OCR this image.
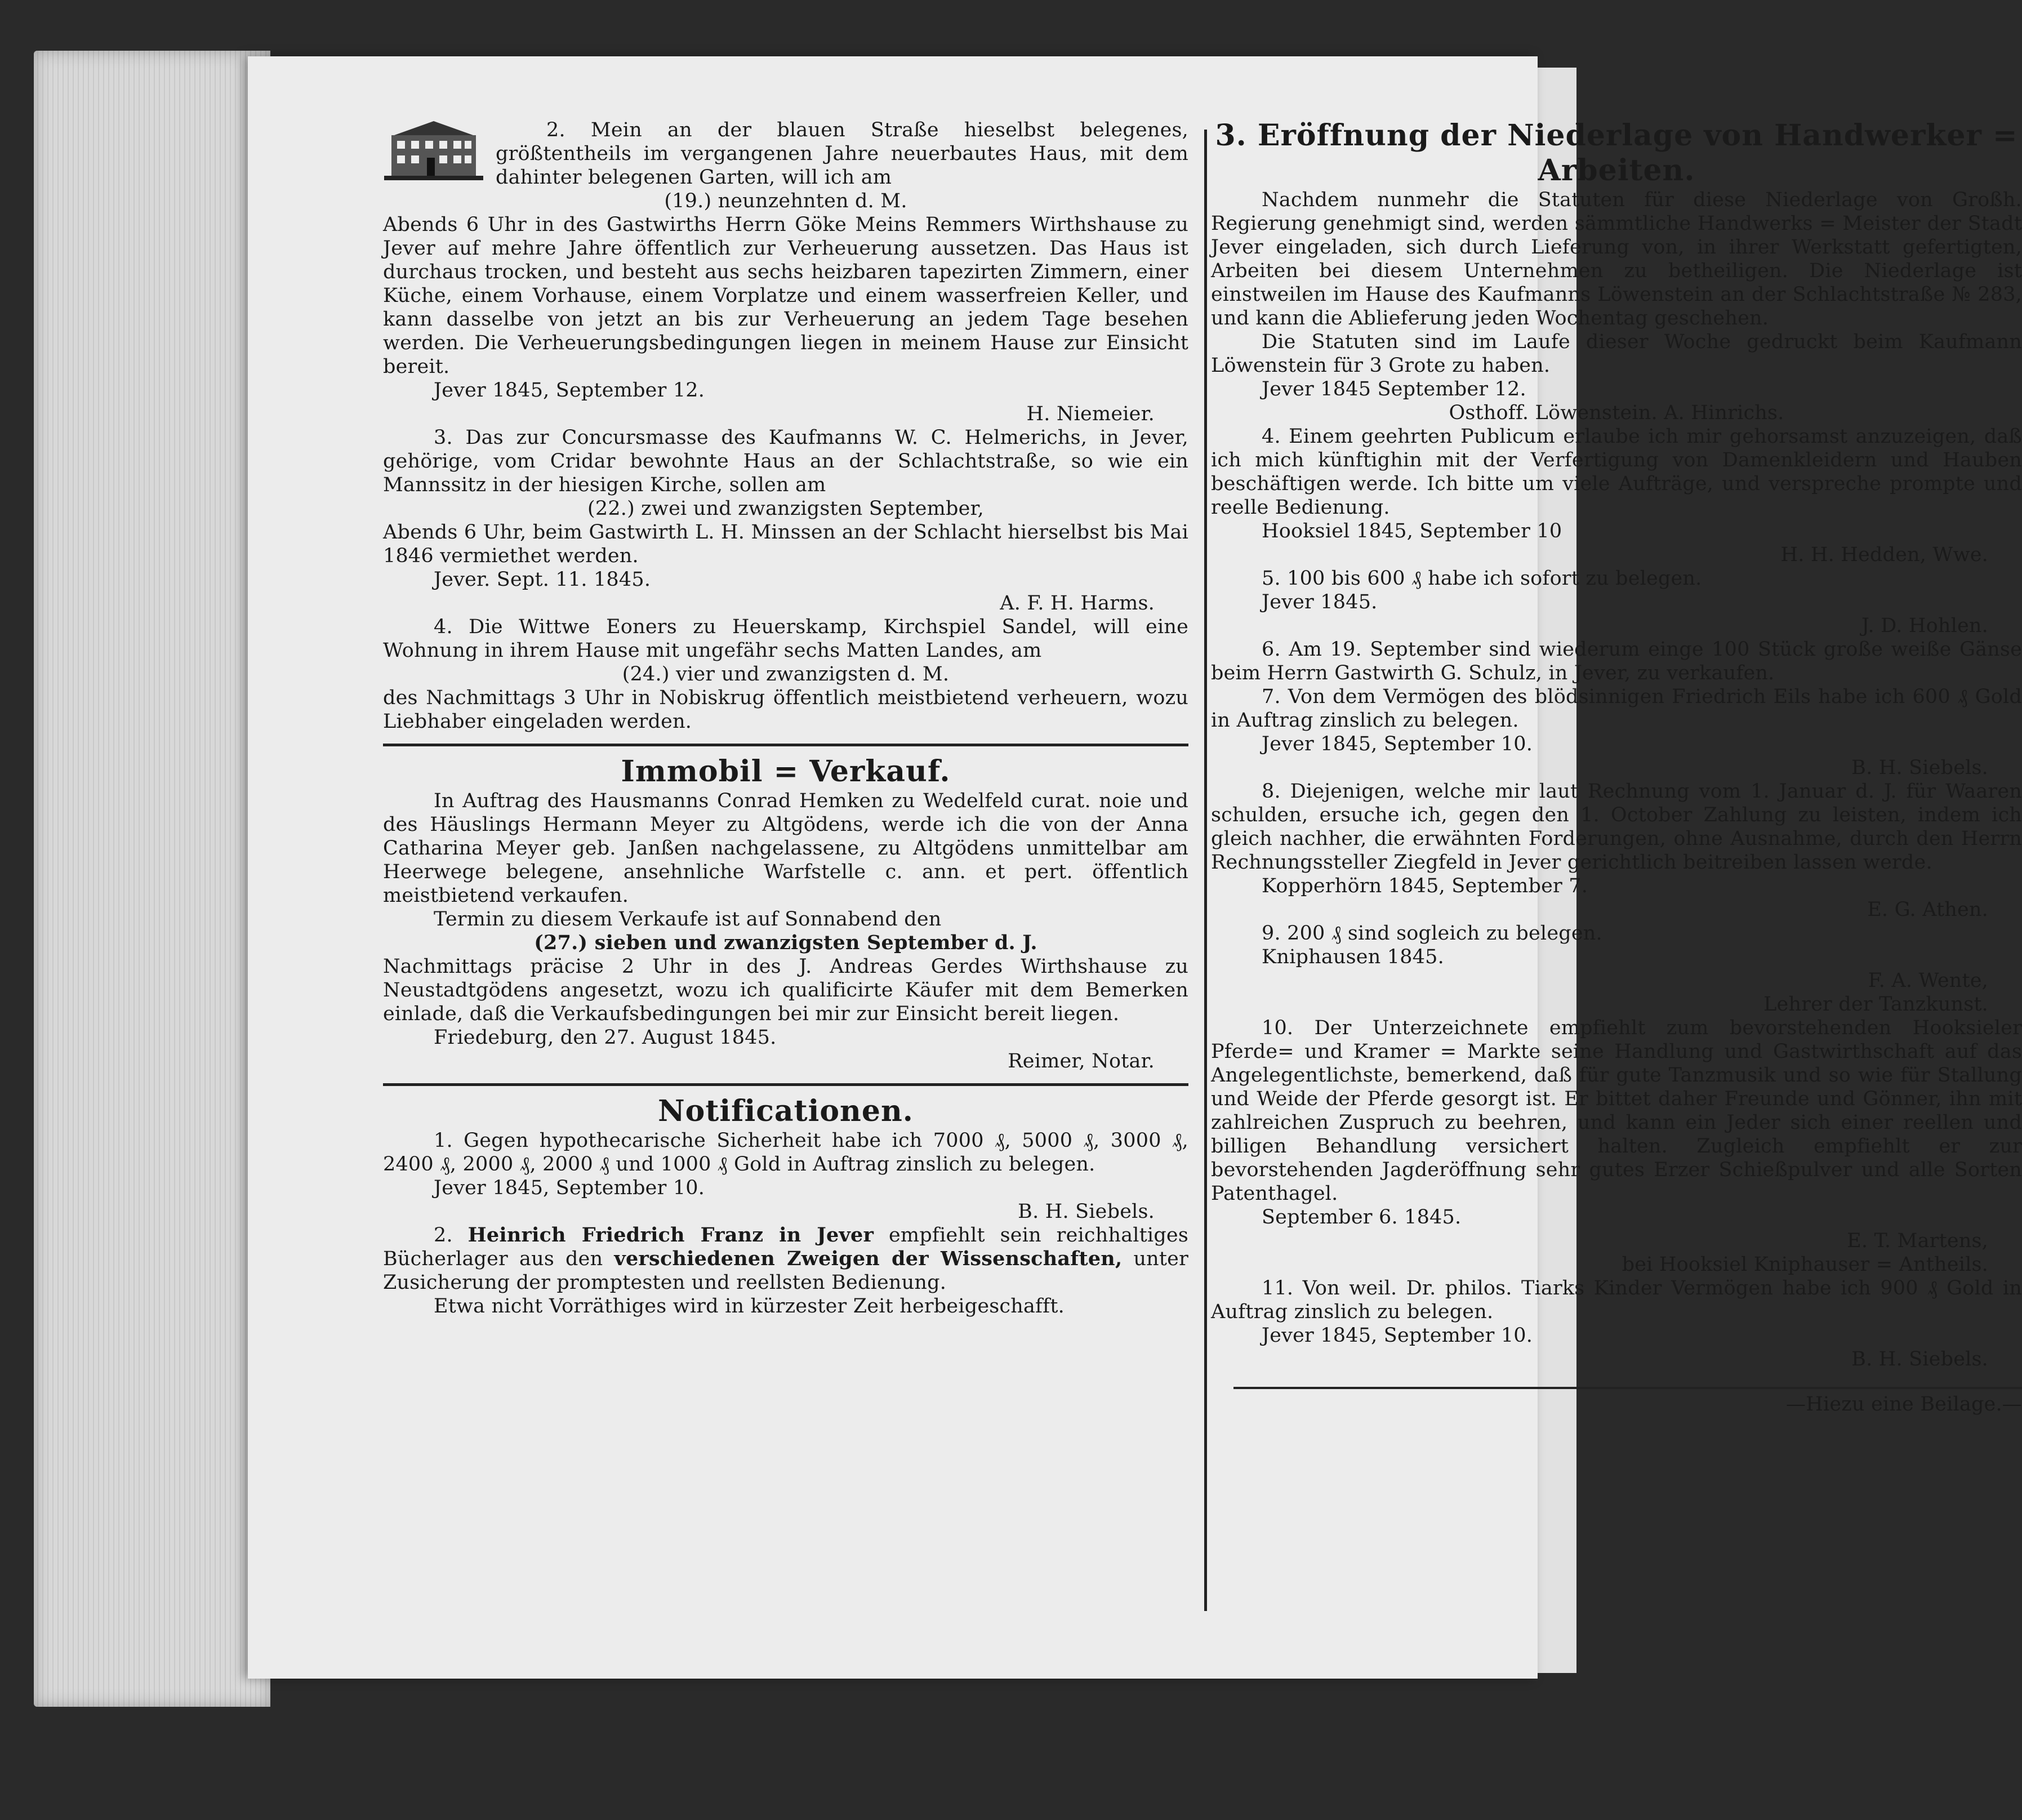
2. Mein an der blauen Straße hieselbst belegenes, größtentheils im vergangenen Jahre neuerbautes Haus, mit dem dahinter belegenen Garten, will ich am

(19.) neunzehnten d. M.

Abends 6 Uhr in des Gastwirths Herrn Göke Meins Remmers Wirthshause zu Jever auf mehre Jahre öffentlich zur Verheuerung aussetzen. Das Haus ist durchaus trocken, und besteht aus sechs heizbaren tapezirten Zimmern, einer Küche, einem Vorhause, einem Vorplatze und einem wasserfreien Keller, und kann dasselbe von jetzt an bis zur Verheuerung an jedem Tage besehen werden. Die Verheuerungsbedingungen liegen in meinem Hause zur Einsicht bereit.

Jever 1845, September 12.

H. Niemeier.

3. Das zur Concursmasse des Kaufmanns W. C. Helmerichs, in Jever, gehörige, vom Cridar bewohnte Haus an der Schlachtstraße, so wie ein Mannssitz in der hiesigen Kirche, sollen am

(22.) zwei und zwanzigsten September,

Abends 6 Uhr, beim Gastwirth L. H. Minssen an der Schlacht hierselbst bis Mai 1846 vermiethet werden.

Jever. Sept. 11. 1845.

A. F. H. Harms.

4. Die Wittwe Eoners zu Heuerskamp, Kirchspiel Sandel, will eine Wohnung in ihrem Hause mit ungefähr sechs Matten Landes, am

(24.) vier und zwanzigsten d. M.

des Nachmittags 3 Uhr in Nobiskrug öffentlich meistbietend verheuern, wozu Liebhaber eingeladen werden.

Immobil = Verkauf.

In Auftrag des Hausmanns Conrad Hemken zu Wedelfeld curat. noie und des Häuslings Hermann Meyer zu Altgödens, werde ich die von der Anna Catharina Meyer geb. Janßen nachgelassene, zu Altgödens unmittelbar am Heerwege belegene, ansehnliche Warfstelle c. ann. et pert. öffentlich meistbietend verkaufen.

Termin zu diesem Verkaufe ist auf Sonnabend den

(27.) sieben und zwanzigsten September d. J.

Nachmittags präcise 2 Uhr in des J. Andreas Gerdes Wirthshause zu Neustadtgödens angesetzt, wozu ich qualificirte Käufer mit dem Bemerken einlade, daß die Verkaufsbedingungen bei mir zur Einsicht bereit liegen.

Friedeburg, den 27. August 1845.

Reimer, Notar.

Notificationen.

1. Gegen hypothecarische Sicherheit habe ich 7000 ₰, 5000 ₰, 3000 ₰, 2400 ₰, 2000 ₰, 2000 ₰ und 1000 ₰ Gold in Auftrag zinslich zu belegen.

Jever 1845, September 10.

B. H. Siebels.

2. Heinrich Friedrich Franz in Jever empfiehlt sein reichhaltiges Bücherlager aus den verschiedenen Zweigen der Wissenschaften, unter Zusicherung der promptesten und reellsten Bedienung.

Etwa nicht Vorräthiges wird in kürzester Zeit herbeigeschafft.

3. Eröffnung der Niederlage von Handwerker = Arbeiten.

Nachdem nunmehr die Statuten für diese Niederlage von Großh. Regierung genehmigt sind, werden sämmtliche Handwerks = Meister der Stadt Jever eingeladen, sich durch Lieferung von, in ihrer Werkstatt gefertigten, Arbeiten bei diesem Unternehmen zu betheiligen. Die Niederlage ist einstweilen im Hause des Kaufmanns Löwenstein an der Schlachtstraße № 283, und kann die Ablieferung jeden Wochentag geschehen.

Die Statuten sind im Laufe dieser Woche gedruckt beim Kaufmann Löwenstein für 3 Grote zu haben.

Jever 1845 September 12.

Osthoff. Löwenstein. A. Hinrichs.

4. Einem geehrten Publicum erlaube ich mir gehorsamst anzuzeigen, daß ich mich künftighin mit der Verfertigung von Damenkleidern und Hauben beschäftigen werde. Ich bitte um viele Aufträge, und verspreche prompte und reelle Bedienung.

Hooksiel 1845, September 10

H. H. Hedden, Wwe.

5. 100 bis 600 ₰ habe ich sofort zu belegen.

Jever 1845.

J. D. Hohlen.

6. Am 19. September sind wiederum einge 100 Stück große weiße Gänse beim Herrn Gastwirth G. Schulz, in Jever, zu verkaufen.

7. Von dem Vermögen des blödsinnigen Friedrich Eils habe ich 600 ₰ Gold in Auftrag zinslich zu belegen.

Jever 1845, September 10.

B. H. Siebels.

8. Diejenigen, welche mir laut Rechnung vom 1. Januar d. J. für Waaren schulden, ersuche ich, gegen den 1. October Zahlung zu leisten, indem ich gleich nachher, die erwähnten Forderungen, ohne Ausnahme, durch den Herrn Rechnungssteller Ziegfeld in Jever gerichtlich beitreiben lassen werde.

Kopperhörn 1845, September 7.

E. G. Athen.

9. 200 ₰ sind sogleich zu belegen.

Kniphausen 1845.

F. A. Wente,

Lehrer der Tanzkunst.

10. Der Unterzeichnete empfiehlt zum bevorstehenden Hooksieler Pferde= und Kramer = Markte seine Handlung und Gastwirthschaft auf das Angelegentlichste, bemerkend, daß für gute Tanzmusik und so wie für Stallung und Weide der Pferde gesorgt ist. Er bittet daher Freunde und Gönner, ihn mit zahlreichen Zuspruch zu beehren, und kann ein Jeder sich einer reellen und billigen Behandlung versichert halten. Zugleich empfiehlt er zur bevorstehenden Jagderöffnung sehr gutes Erzer Schießpulver und alle Sorten Patenthagel.

September 6. 1845.

E. T. Martens,

bei Hooksiel Kniphauser = Antheils.

11. Von weil. Dr. philos. Tiarks Kinder Vermögen habe ich 900 ₰ Gold in Auftrag zinslich zu belegen.

Jever 1845, September 10.

B. H. Siebels.

—Hiezu eine Beilage.—
